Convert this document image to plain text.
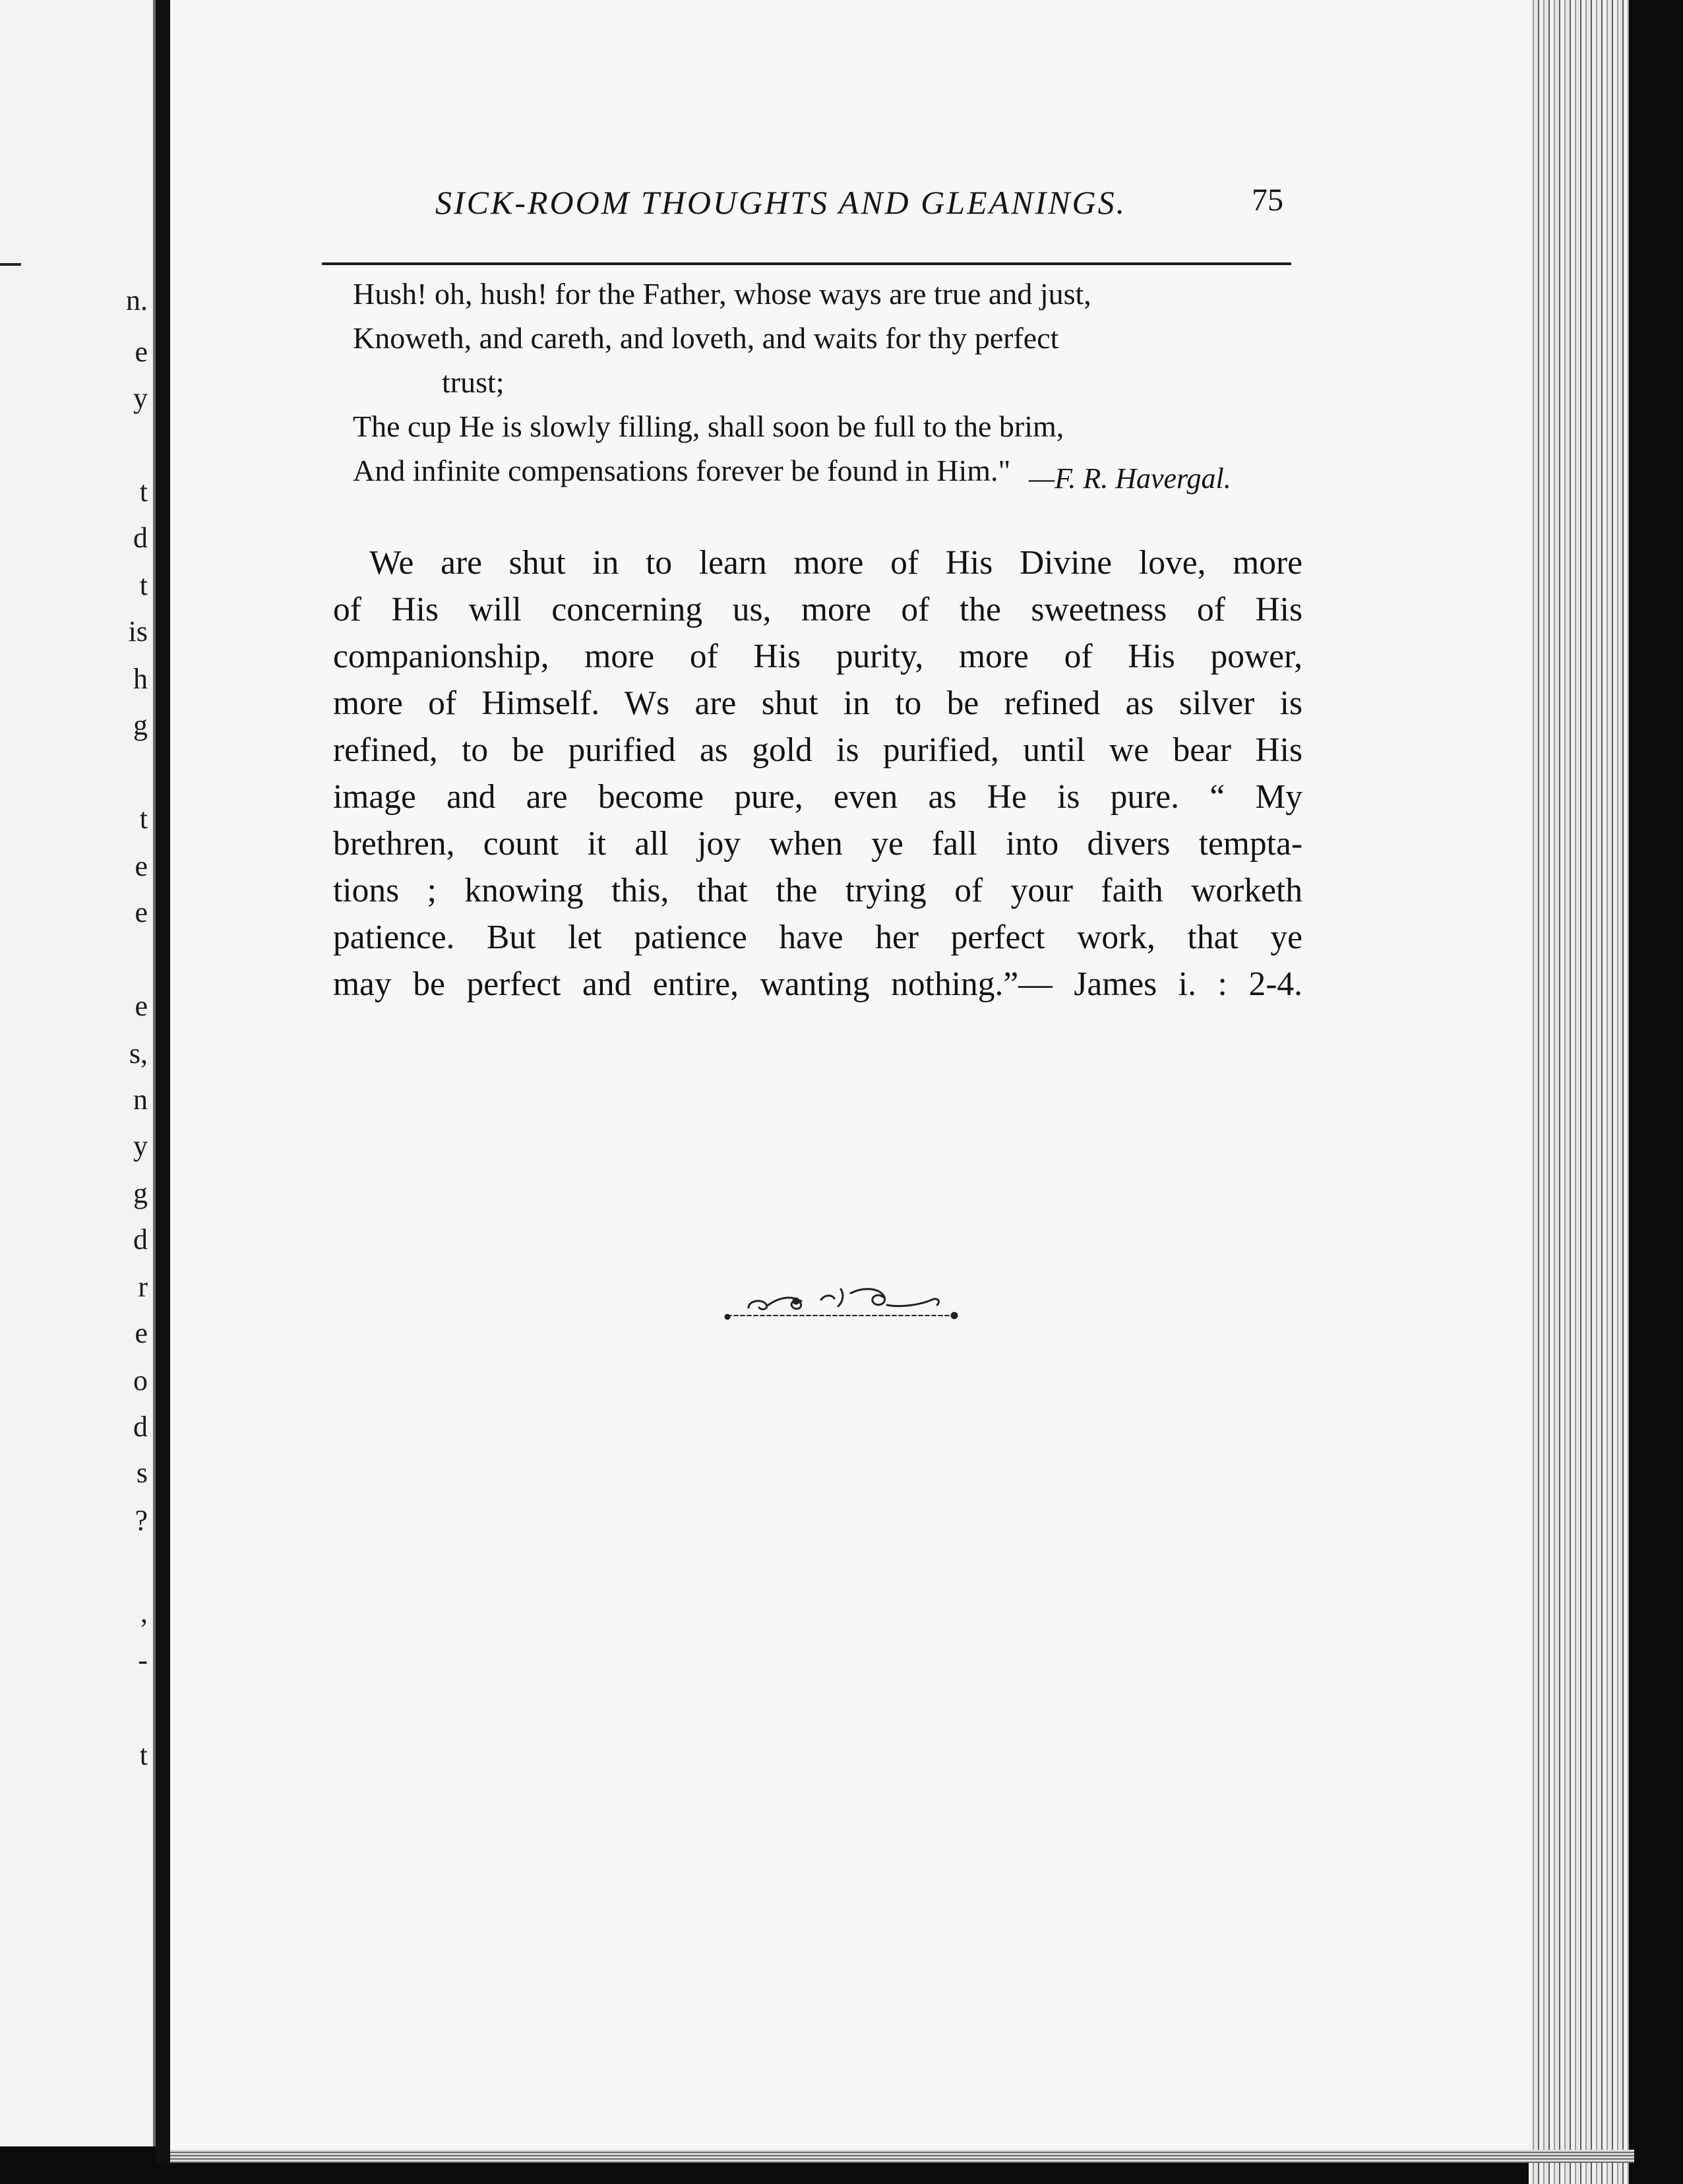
n.
e
y
t
d
t
is
h
g
t
e
e
e
s,
n
y
g
d
r
e
o
d
s
?
,
-
t
SICK-ROOM THOUGHTS AND GLEANINGS.	75
Hush! oh, hush! for the Father, whose ways are true and just,
Knoweth, and careth, and loveth, and waits for thy perfect
trust;
The cup He is slowly filling, shall soon be full to the brim,
And infinite compensations forever be found in Him." —F. R. Havergal.
We are shut in to learn more of His Divine love, more
of His will concerning us, more of the sweetness of His
companionship, more of His purity, more of His power,
more of Himself. Ws are shut in to be refined as silver is
refined, to be purified as gold is purified, until we bear His
image and are become pure, even as He is pure. “ My
brethren, count it all joy when ye fall into divers tempta-
tions ; knowing this, that the trying of your faith worketh
patience. But let patience have her perfect work, that ye
may be perfect and entire, wanting nothing.”— James i. : 2-4.
